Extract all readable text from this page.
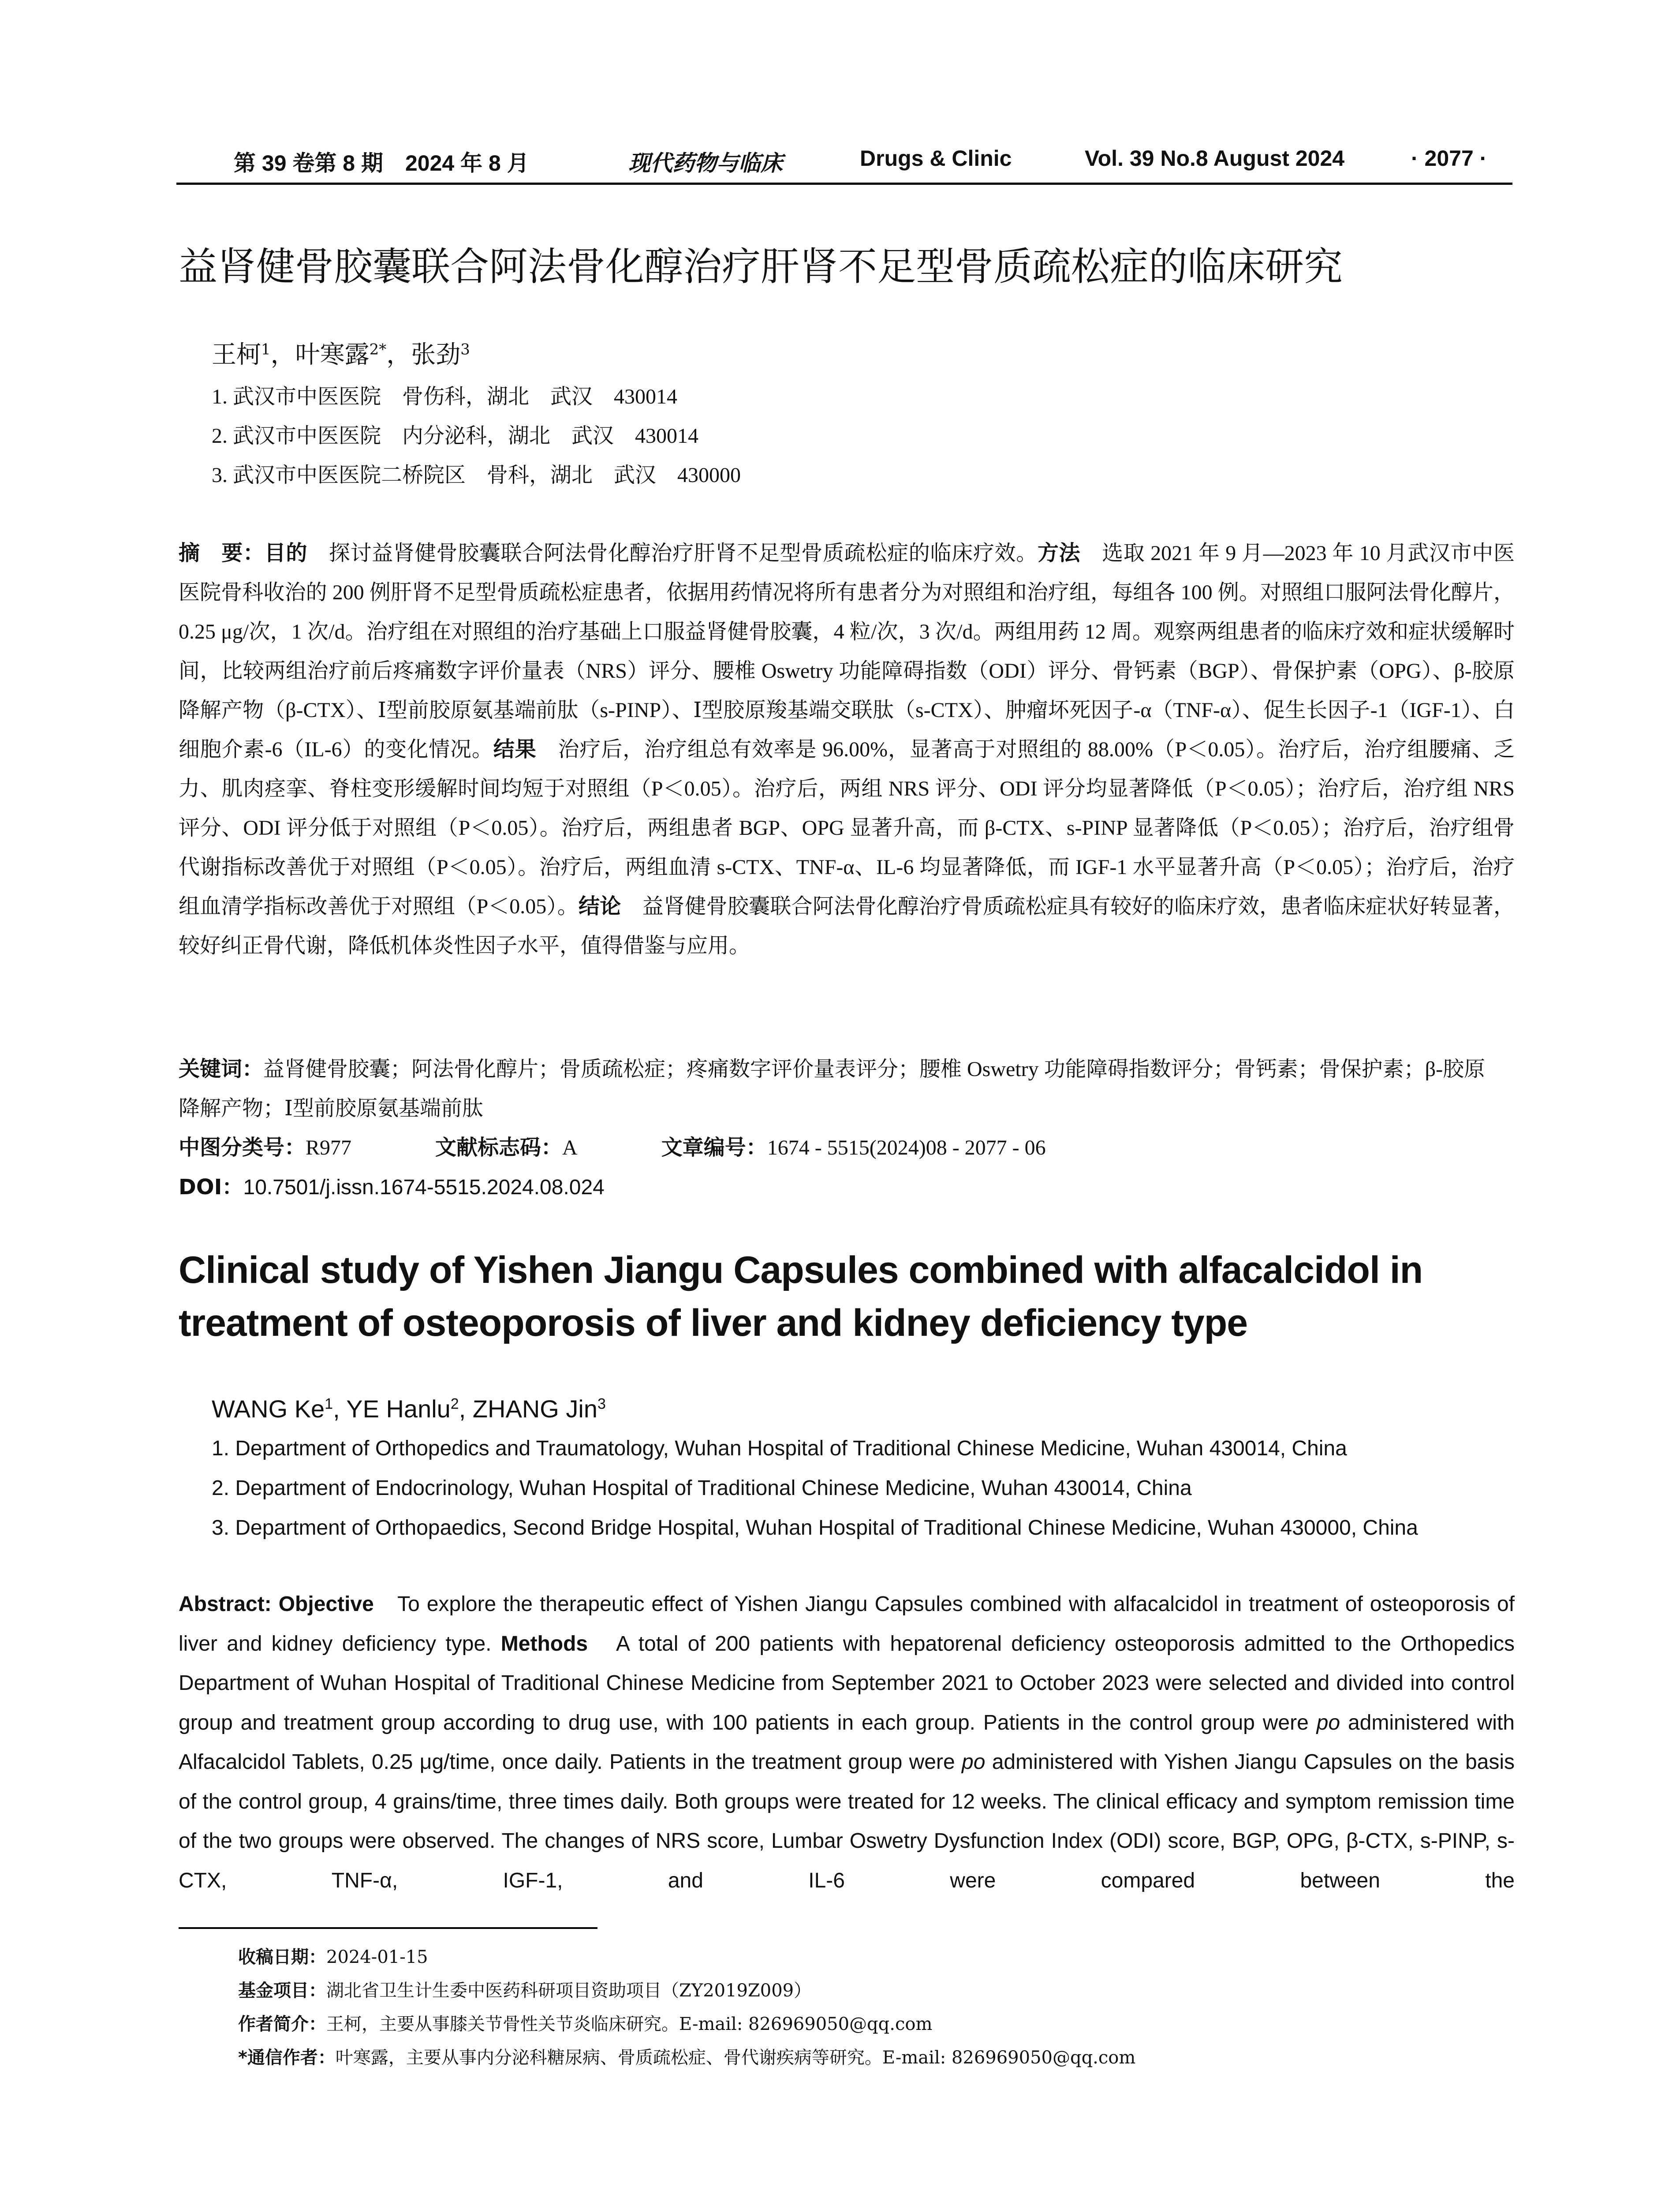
第 39 卷第 8 期　2024 年 8 月	现代药物与临床	Drugs & Clinic	Vol. 39 No.8 August 2024	· 2077 ·
益肾健骨胶囊联合阿法骨化醇治疗肝肾不足型骨质疏松症的临床研究
王柯$^1$，叶寒露$^{2*}$，张劲$^3$
1. 武汉市中医医院　骨伤科，湖北　武汉　430014
2. 武汉市中医医院　内分泌科，湖北　武汉　430014
3. 武汉市中医医院二桥院区　骨科，湖北　武汉　430000
摘　要：目的　探讨益肾健骨胶囊联合阿法骨化醇治疗肝肾不足型骨质疏松症的临床疗效。方法　选取 2021 年 9 月—2023 年 10 月武汉市中医医院骨科收治的 200 例肝肾不足型骨质疏松症患者，依据用药情况将所有患者分为对照组和治疗组，每组各 100 例。对照组口服阿法骨化醇片，0.25 μg/次，1 次/d。治疗组在对照组的治疗基础上口服益肾健骨胶囊，4 粒/次，3 次/d。两组用药 12 周。观察两组患者的临床疗效和症状缓解时间，比较两组治疗前后疼痛数字评价量表（NRS）评分、腰椎 Oswetry 功能障碍指数（ODI）评分、骨钙素（BGP）、骨保护素（OPG）、β-胶原降解产物（β-CTX）、Ⅰ型前胶原氨基端前肽（s-PINP）、Ⅰ型胶原羧基端交联肽（s-CTX）、肿瘤坏死因子-α（TNF-α）、促生长因子-1（IGF-1）、白细胞介素-6（IL-6）的变化情况。结果　治疗后，治疗组总有效率是 96.00%，显著高于对照组的 88.00%（P＜0.05）。治疗后，治疗组腰痛、乏力、肌肉痉挛、脊柱变形缓解时间均短于对照组（P＜0.05）。治疗后，两组 NRS 评分、ODI 评分均显著降低（P＜0.05）；治疗后，治疗组 NRS 评分、ODI 评分低于对照组（P＜0.05）。治疗后，两组患者 BGP、OPG 显著升高，而 β-CTX、s-PINP 显著降低（P＜0.05）；治疗后，治疗组骨代谢指标改善优于对照组（P＜0.05）。治疗后，两组血清 s-CTX、TNF-α、IL-6 均显著降低，而 IGF-1 水平显著升高（P＜0.05）；治疗后，治疗组血清学指标改善优于对照组（P＜0.05）。结论　益肾健骨胶囊联合阿法骨化醇治疗骨质疏松症具有较好的临床疗效，患者临床症状好转显著，较好纠正骨代谢，降低机体炎性因子水平，值得借鉴与应用。
关键词：益肾健骨胶囊；阿法骨化醇片；骨质疏松症；疼痛数字评价量表评分；腰椎 Oswetry 功能障碍指数评分；骨钙素；骨保护素；β-胶原降解产物；Ⅰ型前胶原氨基端前肽
中图分类号：R977	文献标志码：A	文章编号：1674 - 5515(2024)08 - 2077 - 06
DOI：10.7501/j.issn.1674-5515.2024.08.024
Clinical study of Yishen Jiangu Capsules combined with alfacalcidol in treatment of osteoporosis of liver and kidney deficiency type
WANG Ke$^1$, YE Hanlu$^2$, ZHANG Jin$^3$
1. Department of Orthopedics and Traumatology, Wuhan Hospital of Traditional Chinese Medicine, Wuhan 430014, China
2. Department of Endocrinology, Wuhan Hospital of Traditional Chinese Medicine, Wuhan 430014, China
3. Department of Orthopaedics, Second Bridge Hospital, Wuhan Hospital of Traditional Chinese Medicine, Wuhan 430000, China
Abstract: Objective　To explore the therapeutic effect of Yishen Jiangu Capsules combined with alfacalcidol in treatment of osteoporosis of liver and kidney deficiency type. Methods　A total of 200 patients with hepatorenal deficiency osteoporosis admitted to the Orthopedics Department of Wuhan Hospital of Traditional Chinese Medicine from September 2021 to October 2023 were selected and divided into control group and treatment group according to drug use, with 100 patients in each group. Patients in the control group were po administered with Alfacalcidol Tablets, 0.25 μg/time, once daily. Patients in the treatment group were po administered with Yishen Jiangu Capsules on the basis of the control group, 4 grains/time, three times daily. Both groups were treated for 12 weeks. The clinical efficacy and symptom remission time of the two groups were observed. The changes of NRS score, Lumbar Oswetry Dysfunction Index (ODI) score, BGP, OPG, β-CTX, s-PINP, s-CTX, TNF-α, IGF-1, and IL-6 were compared between the
收稿日期：2024-01-15
基金项目：湖北省卫生计生委中医药科研项目资助项目（ZY2019Z009）
作者简介：王柯，主要从事膝关节骨性关节炎临床研究。E-mail: 826969050@qq.com
*通信作者：叶寒露，主要从事内分泌科糖尿病、骨质疏松症、骨代谢疾病等研究。E-mail: 826969050@qq.com
